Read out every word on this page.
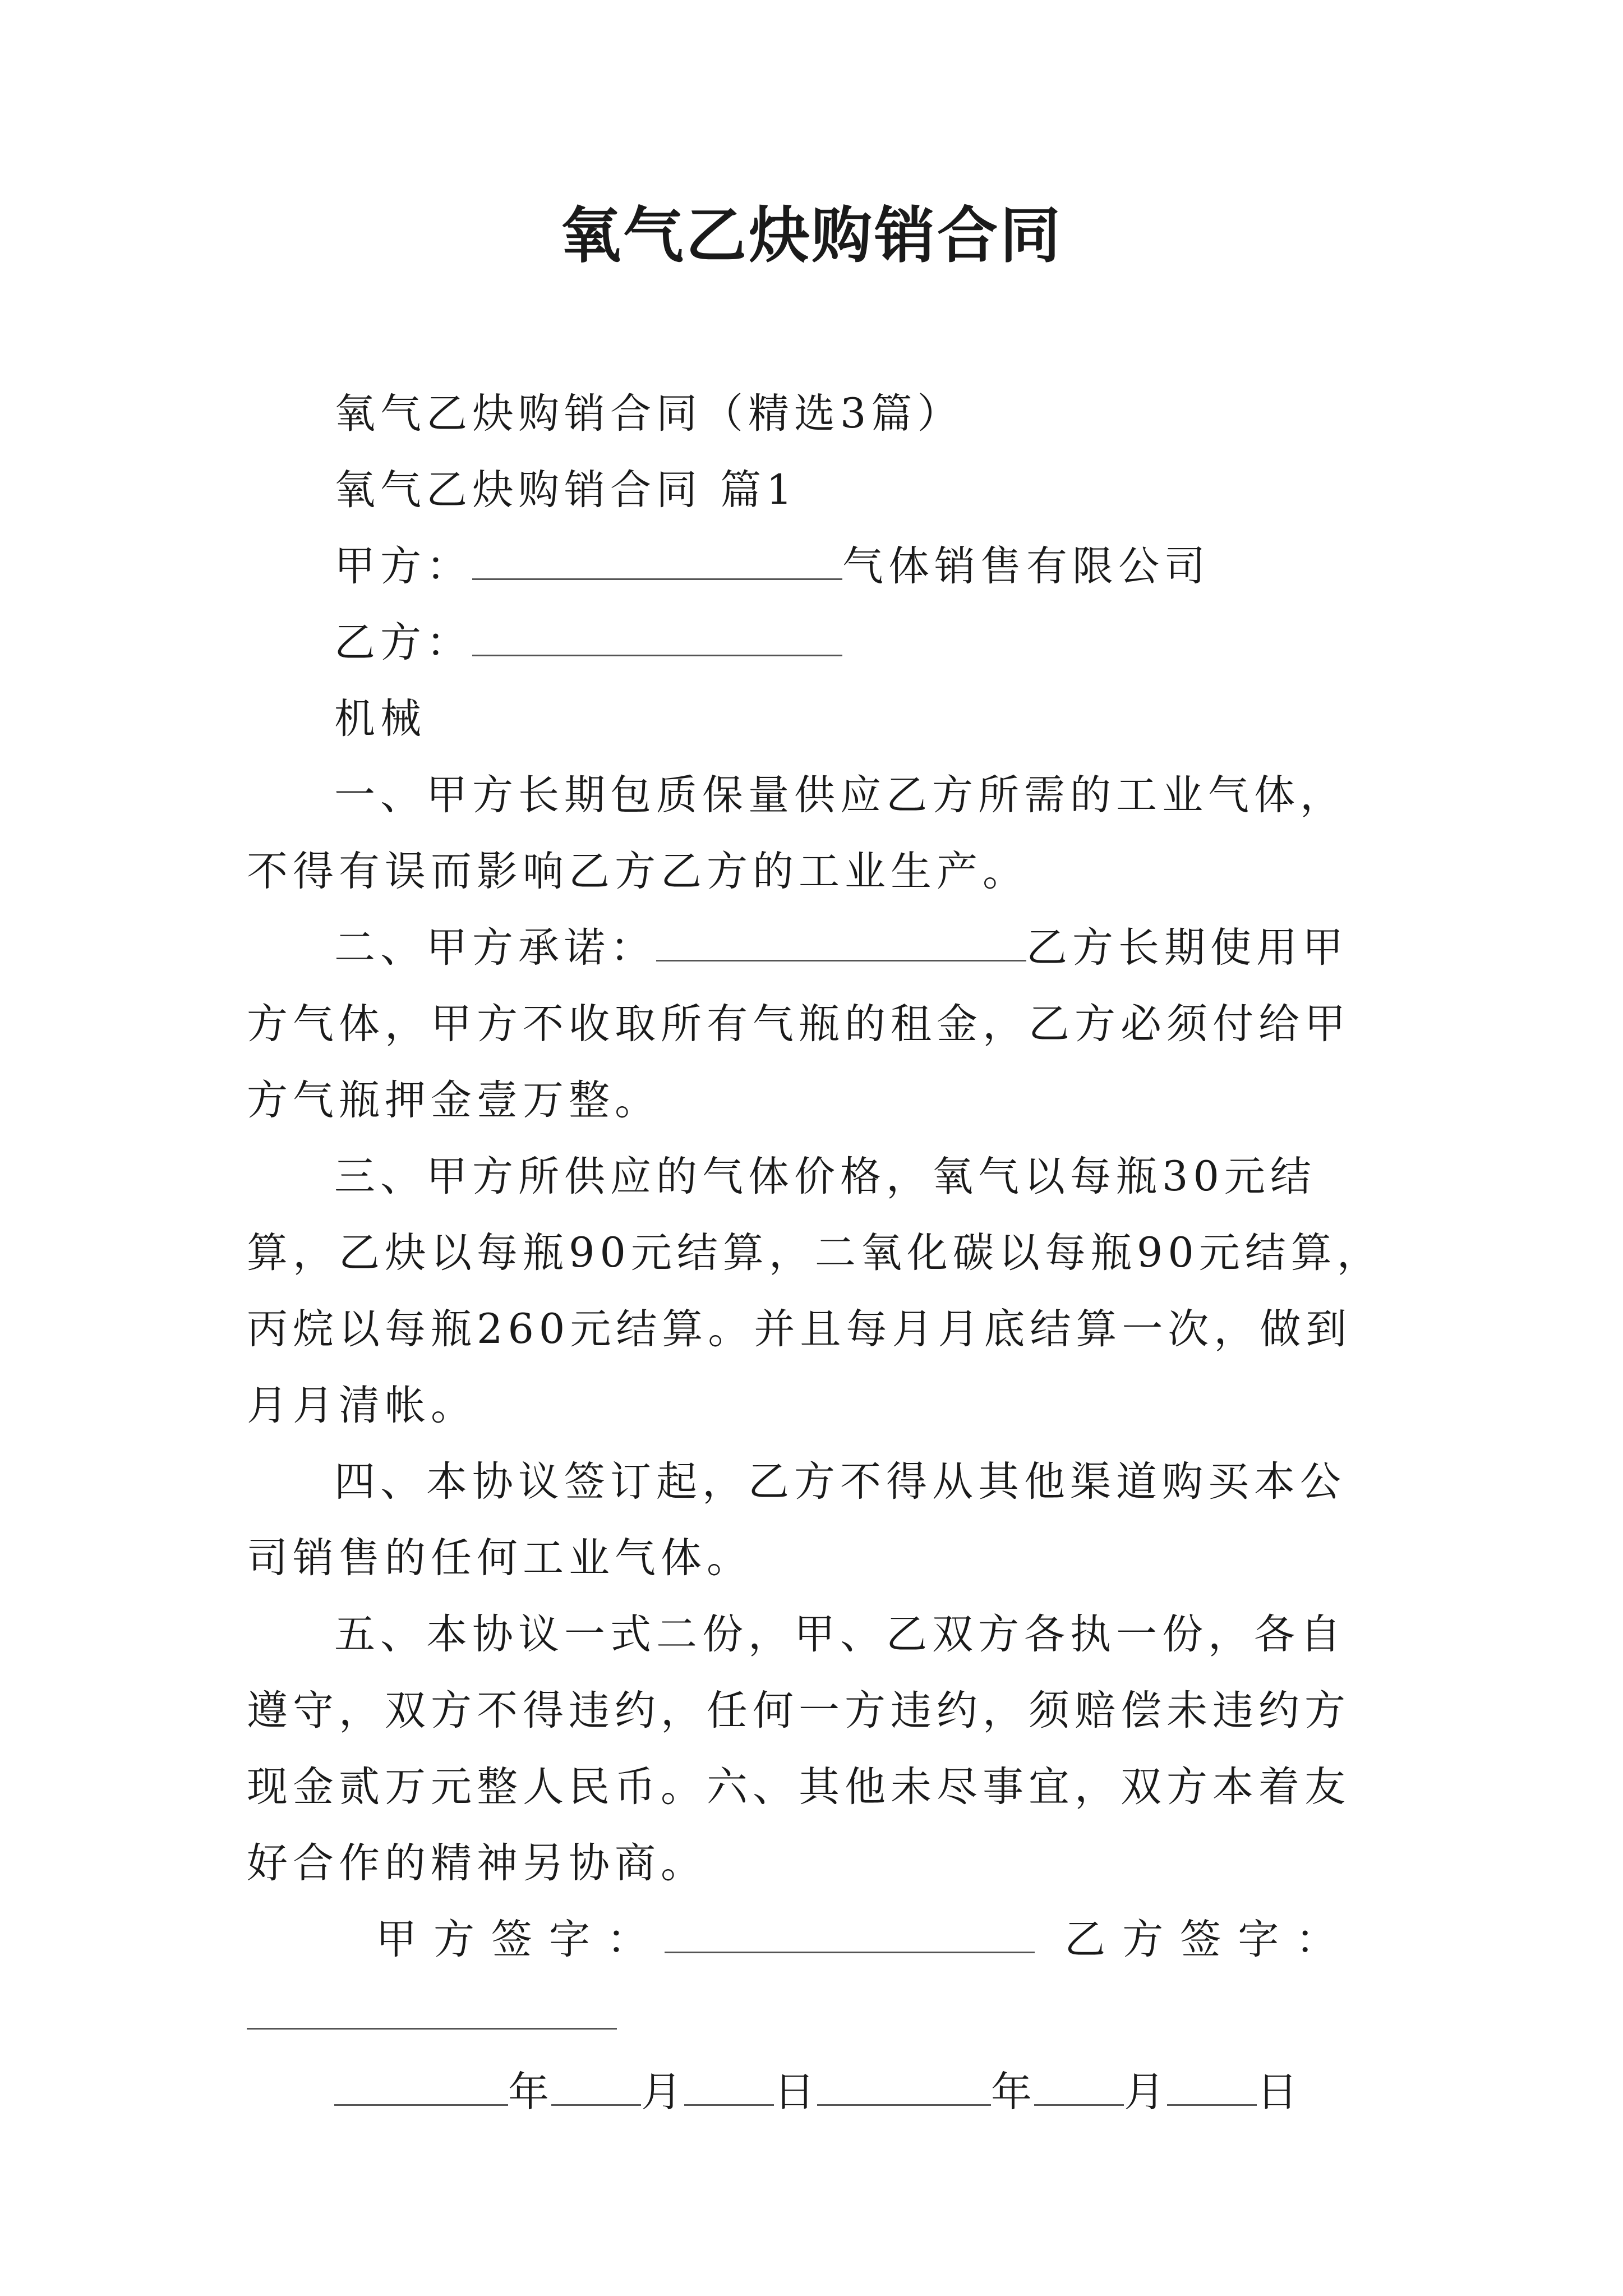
氧气乙炔购销合同

氧气乙炔购销合同（精选3篇）

氧气乙炔购销合同 篇1

甲方：	气体销售有限公司

乙方：

机械

一、甲方长期包质保量供应乙方所需的工业气体，不得有误而影响乙方乙方的工业生产。

二、甲方承诺：	乙方长期使用甲方气体，甲方不收取所有气瓶的租金，乙方必须付给甲方气瓶押金壹万整。

三、甲方所供应的气体价格，氧气以每瓶30元结算，乙炔以每瓶90元结算，二氧化碳以每瓶90元结算，丙烷以每瓶260元结算。并且每月月底结算一次，做到月月清帐。

四、本协议签订起，乙方不得从其他渠道购买本公司销售的任何工业气体。

五、本协议一式二份，甲、乙双方各执一份，各自遵守，双方不得违约，任何一方违约，须赔偿未违约方现金贰万元整人民币。六、其他未尽事宜，双方本着友好合作的精神另协商。

甲方签字：	乙方签字：

年 月 日	年 月 日
